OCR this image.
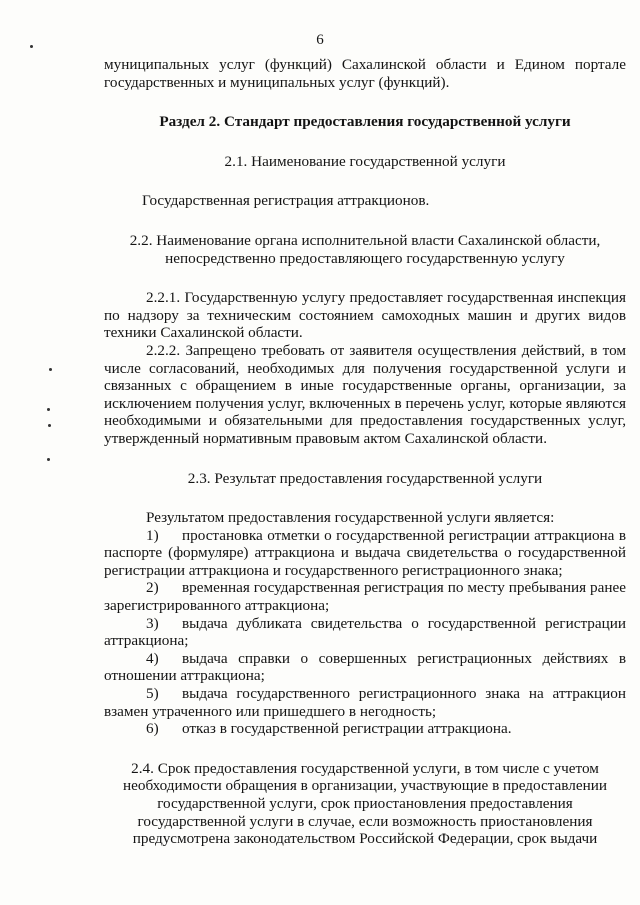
6

муниципальных услуг (функций) Сахалинской области и Едином портале государственных и муниципальных услуг (функций).

Раздел 2. Стандарт предоставления государственной услуги

2.1. Наименование государственной услуги

Государственная регистрация аттракционов.

2.2. Наименование органа исполнительной власти Сахалинской области, непосредственно предоставляющего государственную услугу

2.2.1. Государственную услугу предоставляет государственная инспекция по надзору за техническим состоянием самоходных машин и других видов техники Сахалинской области.

2.2.2. Запрещено требовать от заявителя осуществления действий, в том числе согласований, необходимых для получения государственной услуги и связанных с обращением в иные государственные органы, организации, за исключением получения услуг, включенных в перечень услуг, которые являются необходимыми и обязательными для предоставления государственных услуг, утвержденный нормативным правовым актом Сахалинской области.

2.3. Результат предоставления государственной услуги

Результатом предоставления государственной услуги является:

1) простановка отметки о государственной регистрации аттракциона в паспорте (формуляре) аттракциона и выдача свидетельства о государственной регистрации аттракциона и государственного регистрационного знака;

2) временная государственная регистрация по месту пребывания ранее зарегистрированного аттракциона;

3) выдача дубликата свидетельства о государственной регистрации аттракциона;

4) выдача справки о совершенных регистрационных действиях в отношении аттракциона;

5) выдача государственного регистрационного знака на аттракцион взамен утраченного или пришедшего в негодность;

6) отказ в государственной регистрации аттракциона.

2.4. Срок предоставления государственной услуги, в том числе с учетом необходимости обращения в организации, участвующие в предоставлении государственной услуги, срок приостановления предоставления государственной услуги в случае, если возможность приостановления предусмотрена законодательством Российской Федерации, срок выдачи
